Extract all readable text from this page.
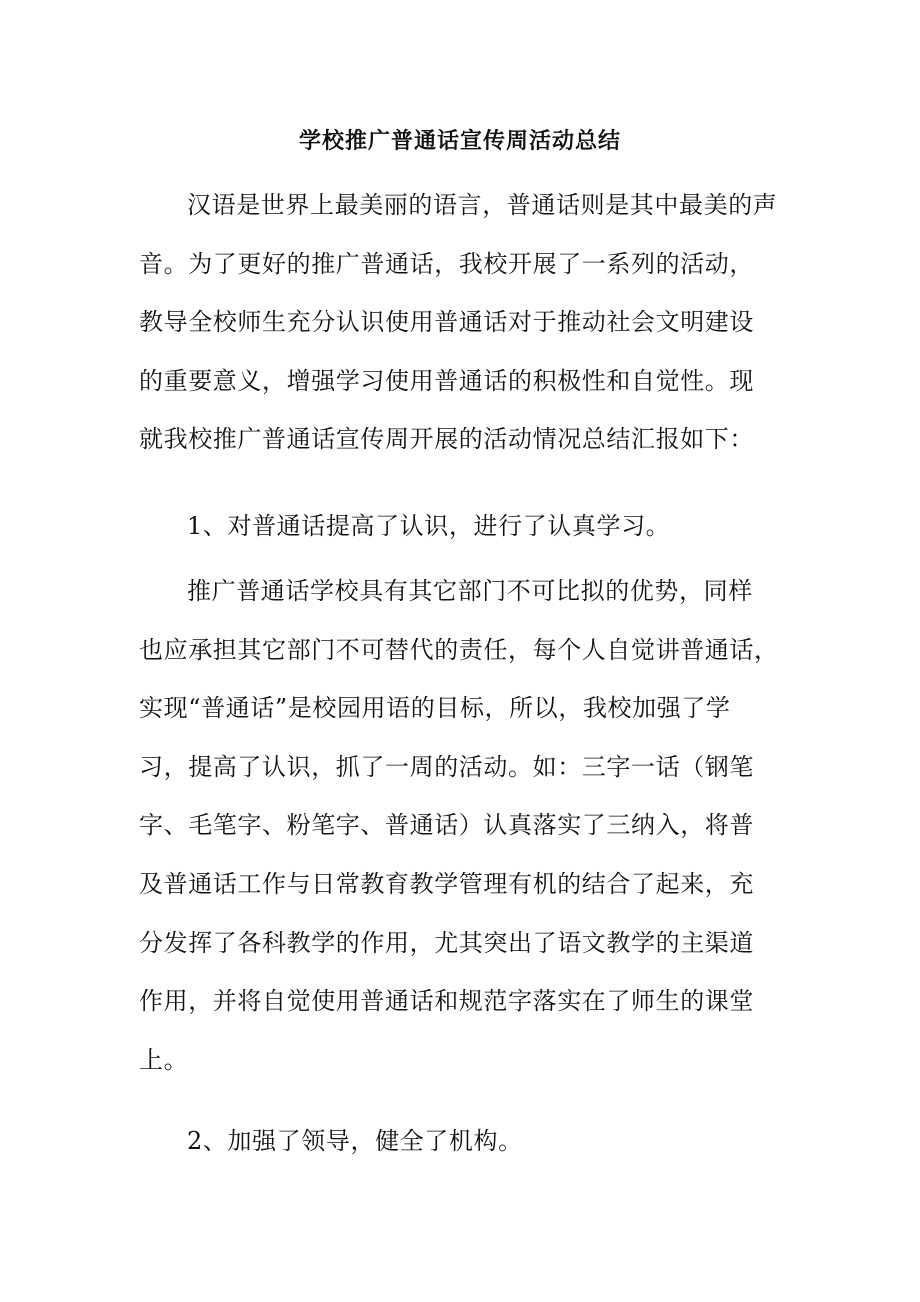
学校推广普通话宣传周活动总结
汉语是世界上最美丽的语言，普通话则是其中最美的声
音。为了更好的推广普通话，我校开展了一系列的活动，
教导全校师生充分认识使用普通话对于推动社会文明建设
的重要意义，增强学习使用普通话的积极性和自觉性。现
就我校推广普通话宣传周开展的活动情况总结汇报如下：
1、对普通话提高了认识，进行了认真学习。
推广普通话学校具有其它部门不可比拟的优势，同样
也应承担其它部门不可替代的责任，每个人自觉讲普通话，
实现“普通话”是校园用语的目标，所以，我校加强了学
习，提高了认识，抓了一周的活动。如：三字一话（钢笔
字、毛笔字、粉笔字、普通话）认真落实了三纳入，将普
及普通话工作与日常教育教学管理有机的结合了起来，充
分发挥了各科教学的作用，尤其突出了语文教学的主渠道
作用，并将自觉使用普通话和规范字落实在了师生的课堂
上。
2、加强了领导，健全了机构。
